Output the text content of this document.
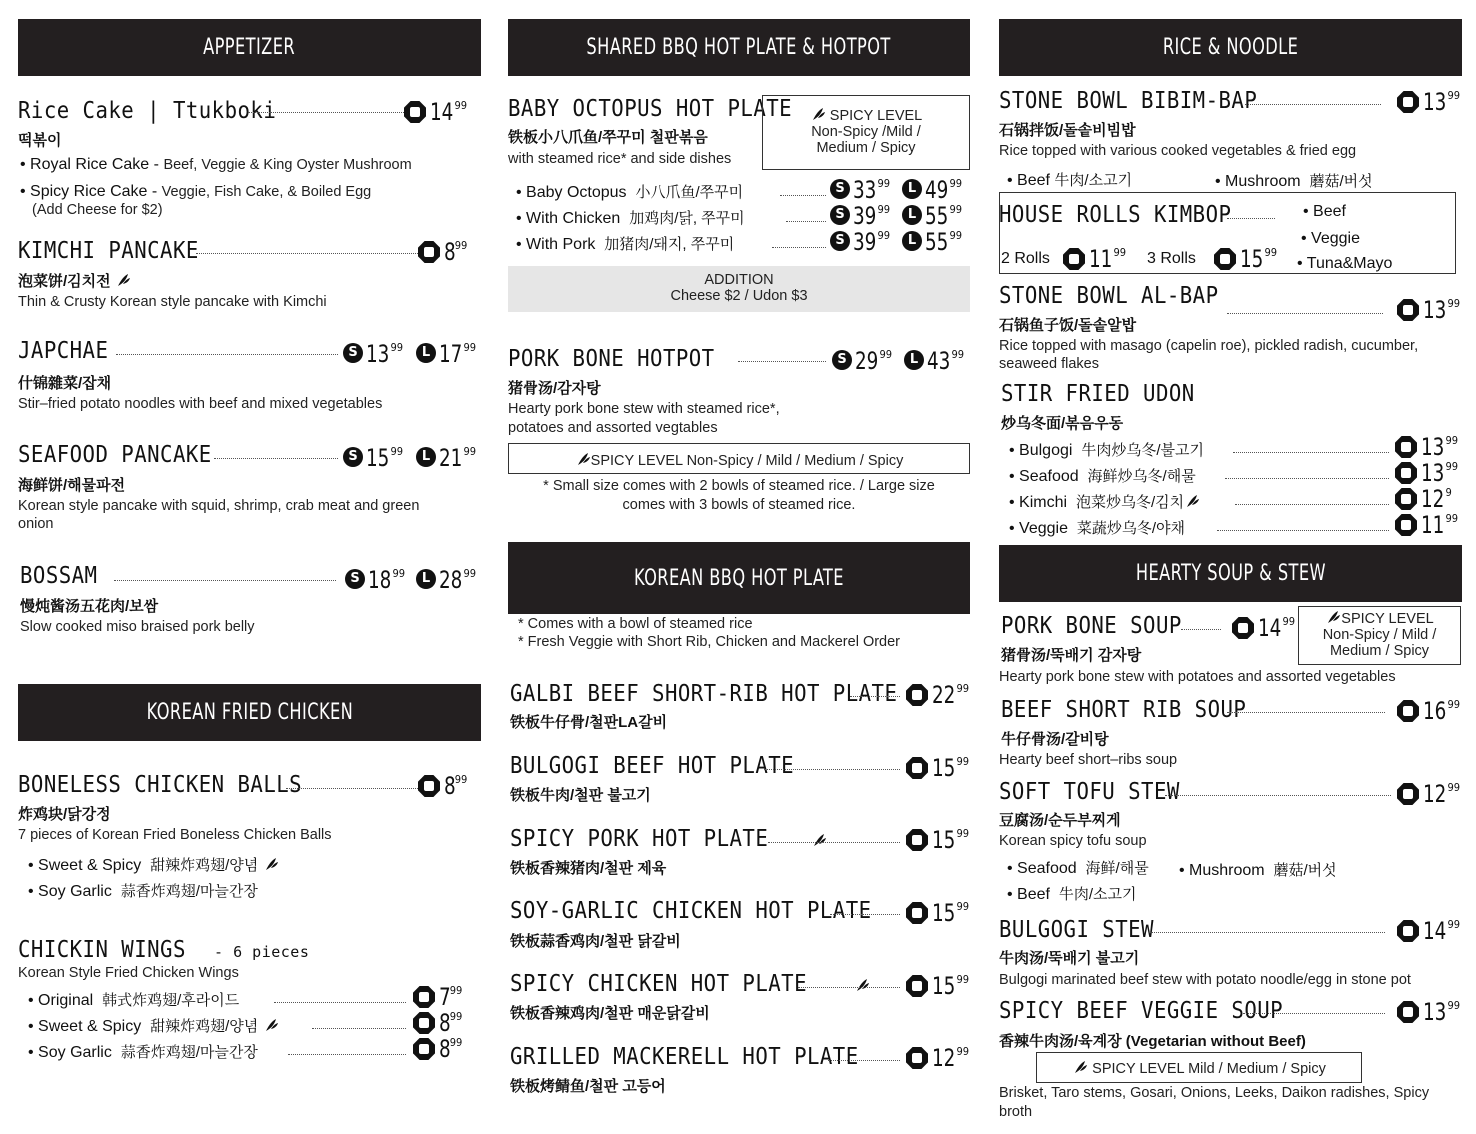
APPETIZER
Rice Cake | Ttukboki	14 99
떡볶이
• Royal Rice Cake - Beef, Veggie & King Oyster Mushroom
• Spicy Rice Cake - Veggie, Fish Cake, & Boiled Egg
(Add Cheese for $2)
KIMCHI PANCAKE	8 99
泡菜饼/김치전
Thin & Crusty Korean style pancake with Kimchi
JAPCHAE	S 13 99	L 17 99
什锦雜菜/잡채
Stir–fried potato noodles with beef and mixed vegetables
SEAFOOD PANCAKE	S 15 99	L 21 99
海鲜饼/해물파전
Korean style pancake with squid, shrimp, crab meat and green
onion
BOSSAM	S 18 99	L 28 99
慢炖酱汤五花肉/보쌈
Slow cooked miso braised pork belly
KOREAN FRIED CHICKEN
BONELESS CHICKEN BALLS	8 99
炸鸡块/닭강정
7 pieces of Korean Fried Boneless Chicken Balls
• Sweet & Spicy 甜辣炸鸡翅/양념
• Soy Garlic 蒜香炸鸡翅/마늘간장
CHICKIN WINGS - 6 pieces
Korean Style Fried Chicken Wings
• Original 韩式炸鸡翅/후라이드	7 99
• Sweet & Spicy 甜辣炸鸡翅/양념	8 99
• Soy Garlic 蒜香炸鸡翅/마늘간장	8 99
SHARED BBQ HOT PLATE & HOTPOT
BABY OCTOPUS HOT PLATE
铁板小八爪鱼/쭈꾸미 철판볶음
with steamed rice* and side dishes
SPICY LEVEL
Non-Spicy /Mild /
Medium / Spicy
• Baby Octopus 小八爪鱼/쭈꾸미	S 33 99	L 49 99
• With Chicken 加鸡肉/닭, 쭈꾸미	S 39 99	L 55 99
• With Pork 加猪肉/돼지, 쭈꾸미	S 39 99	L 55 99
ADDITION
Cheese $2 / Udon $3
PORK BONE HOTPOT	S 29 99	L 43 99
猪骨汤/감자탕
Hearty pork bone stew with steamed rice*,
potatoes and assorted vegtables
SPICY LEVEL Non-Spicy / Mild / Medium / Spicy
* Small size comes with 2 bowls of steamed rice. / Large size
comes with 3 bowls of steamed rice.
KOREAN BBQ HOT PLATE
* Comes with a bowl of steamed rice
* Fresh Veggie with Short Rib, Chicken and Mackerel Order
GALBI BEEF SHORT-RIB HOT PLATE	22 99
铁板牛仔骨/철판LA갈비
BULGOGI BEEF HOT PLATE	15 99
铁板牛肉/철판 불고기
SPICY PORK HOT PLATE	15 99
铁板香辣猪肉/철판 제육
SOY-GARLIC CHICKEN HOT PLATE	15 99
铁板蒜香鸡肉/철판 닭갈비
SPICY CHICKEN HOT PLATE	15 99
铁板香辣鸡肉/철판 매운닭갈비
GRILLED MACKERELL HOT PLATE	12 99
铁板烤鲭鱼/철판 고등어
RICE & NOODLE
STONE BOWL BIBIM-BAP	13 99
石锅拌饭/돌솥비빔밥
Rice topped with various cooked vegetables & fried egg
• Beef 牛肉/소고기	• Mushroom 蘑菇/버섯
HOUSE ROLLS KIMBOP
2 Rolls 11 99 3 Rolls 15 99
• Beef
• Veggie
• Tuna&Mayo
STONE BOWL AL-BAP	13 99
石锅鱼子饭/돌솥알밥
Rice topped with masago (capelin roe), pickled radish, cucumber,
seaweed flakes
STIR FRIED UDON
炒乌冬面/볶음우동
• Bulgogi 牛肉炒乌冬/불고기	13 99
• Seafood 海鲜炒乌冬/해물	13 99
• Kimchi 泡菜炒乌冬/김치	12 9
• Veggie 菜蔬炒乌冬/야채	11 99
HEARTY SOUP & STEW
PORK BONE SOUP	14 99	SPICY LEVEL
Non-Spicy / Mild /
Medium / Spicy
猪骨汤/뚝배기 감자탕
Hearty pork bone stew with potatoes and assorted vegetables
BEEF SHORT RIB SOUP	16 99
牛仔骨汤/갈비탕
Hearty beef short–ribs soup
SOFT TOFU STEW	12 99
豆腐汤/순두부찌게
Korean spicy tofu soup
• Seafood 海鲜/해물 • Mushroom 蘑菇/버섯
• Beef 牛肉/소고기
BULGOGI STEW	14 99
牛肉汤/뚝배기 불고기
Bulgogi marinated beef stew with potato noodle/egg in stone pot
SPICY BEEF VEGGIE SOUP	13 99
香辣牛肉汤/육계장 (Vegetarian without Beef)
SPICY LEVEL Mild / Medium / Spicy
Brisket, Taro stems, Gosari, Onions, Leeks, Daikon radishes, Spicy
broth
